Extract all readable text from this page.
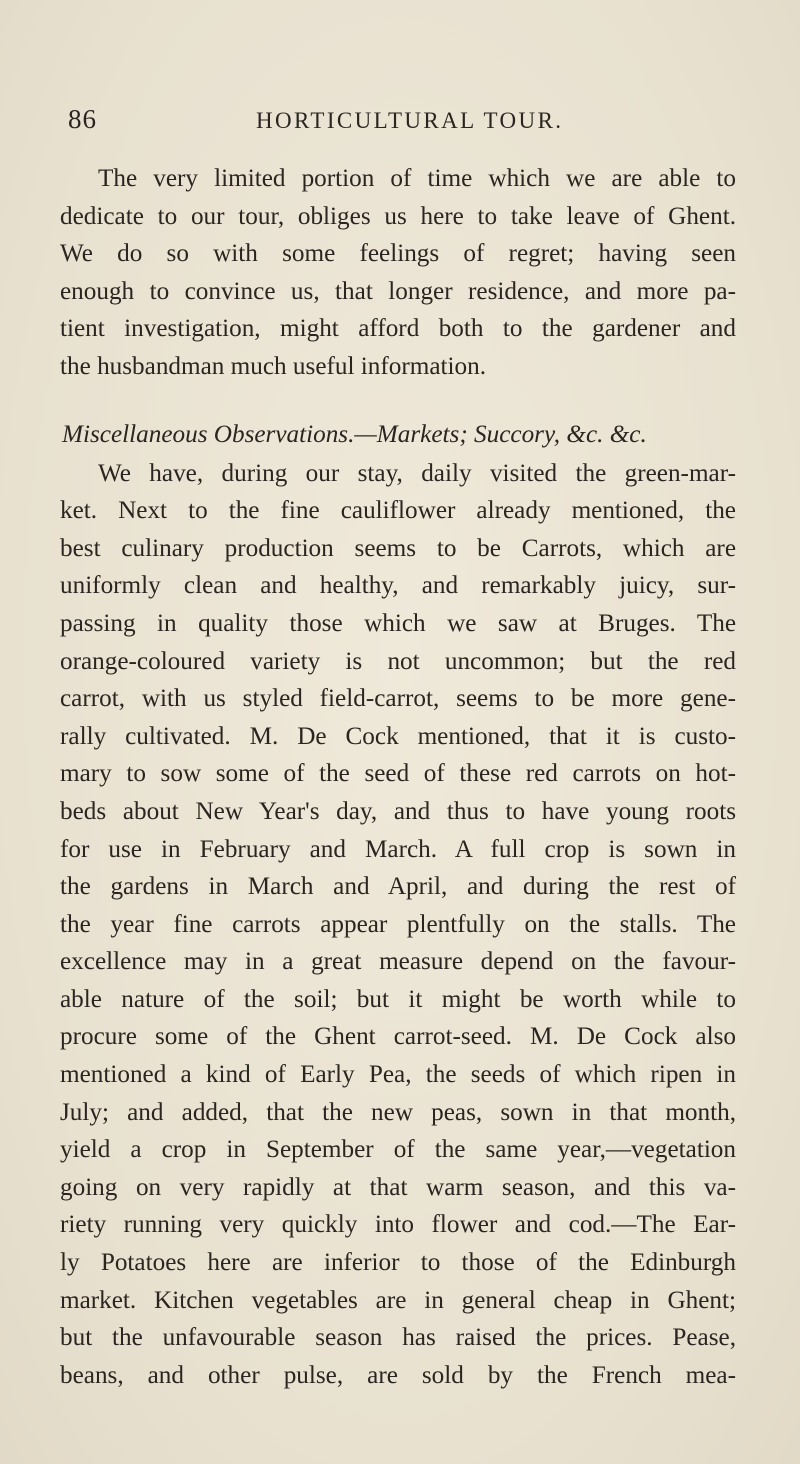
86	HORTICULTURAL TOUR.
The very limited portion of time which we are able to
dedicate to our tour, obliges us here to take leave of Ghent.
We do so with some feelings of regret; having seen
enough to convince us, that longer residence, and more pa-
tient investigation, might afford both to the gardener and
the husbandman much useful information.
Miscellaneous Observations.—Markets; Succory, &c. &c.
We have, during our stay, daily visited the green-mar-
ket. Next to the fine cauliflower already mentioned, the
best culinary production seems to be Carrots, which are
uniformly clean and healthy, and remarkably juicy, sur-
passing in quality those which we saw at Bruges. The
orange-coloured variety is not uncommon; but the red
carrot, with us styled field-carrot, seems to be more gene-
rally cultivated. M. De Cock mentioned, that it is custo-
mary to sow some of the seed of these red carrots on hot-
beds about New Year's day, and thus to have young roots
for use in February and March. A full crop is sown in
the gardens in March and April, and during the rest of
the year fine carrots appear plentfully on the stalls. The
excellence may in a great measure depend on the favour-
able nature of the soil; but it might be worth while to
procure some of the Ghent carrot-seed. M. De Cock also
mentioned a kind of Early Pea, the seeds of which ripen in
July; and added, that the new peas, sown in that month,
yield a crop in September of the same year,—vegetation
going on very rapidly at that warm season, and this va-
riety running very quickly into flower and cod.—The Ear-
ly Potatoes here are inferior to those of the Edinburgh
market. Kitchen vegetables are in general cheap in Ghent;
but the unfavourable season has raised the prices. Pease,
beans, and other pulse, are sold by the French mea-
